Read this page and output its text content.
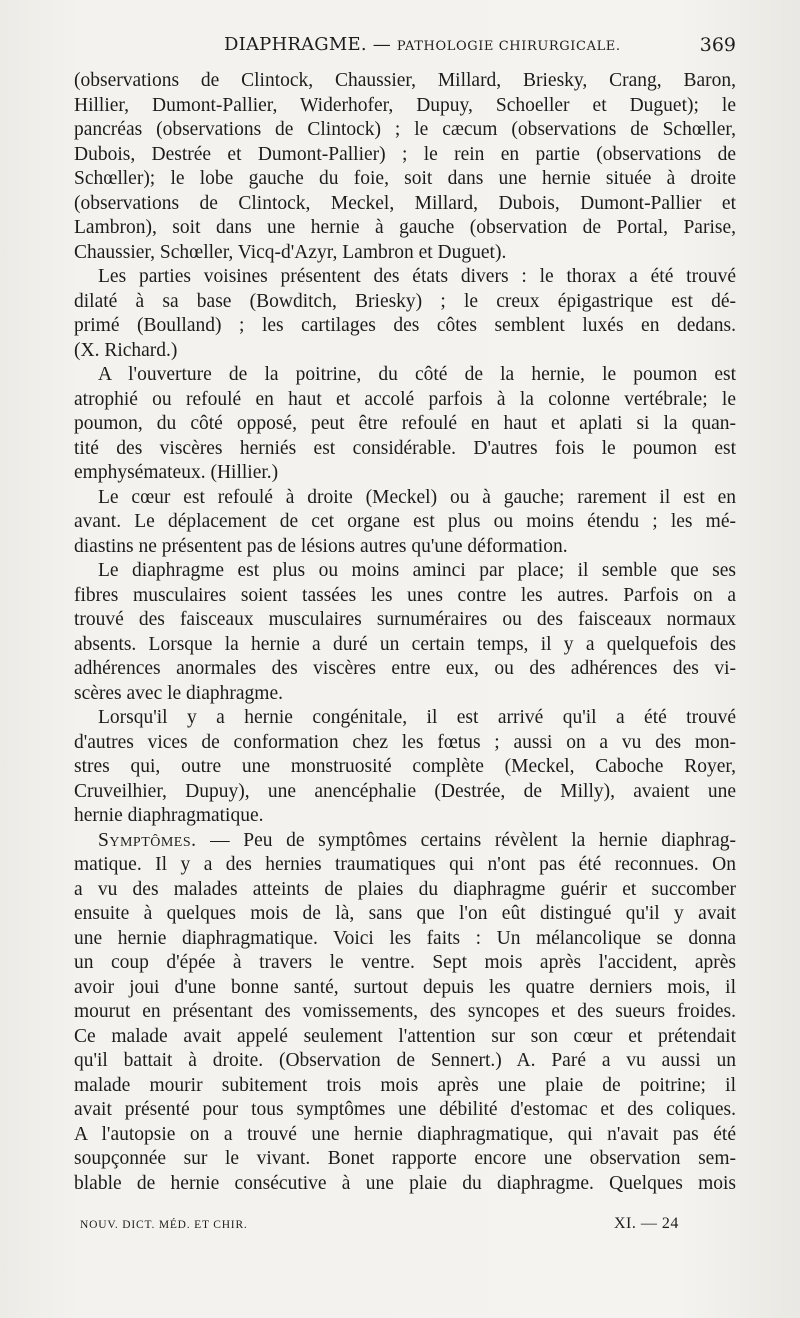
DIAPHRAGME. — PATHOLOGIE CHIRURGICALE.	369
(observations de Clintock, Chaussier, Millard, Briesky, Crang, Baron,
Hillier, Dumont-Pallier, Widerhofer, Dupuy, Schoeller et Duguet); le
pancréas (observations de Clintock) ; le cæcum (observations de Schœller,
Dubois, Destrée et Dumont-Pallier) ; le rein en partie (observations de
Schœller); le lobe gauche du foie, soit dans une hernie située à droite
(observations de Clintock, Meckel, Millard, Dubois, Dumont-Pallier et
Lambron), soit dans une hernie à gauche (observation de Portal, Parise,
Chaussier, Schœller, Vicq-d'Azyr, Lambron et Duguet).
Les parties voisines présentent des états divers : le thorax a été trouvé
dilaté à sa base (Bowditch, Briesky) ; le creux épigastrique est dé-
primé (Boulland) ; les cartilages des côtes semblent luxés en dedans.
(X. Richard.)
A l'ouverture de la poitrine, du côté de la hernie, le poumon est
atrophié ou refoulé en haut et accolé parfois à la colonne vertébrale; le
poumon, du côté opposé, peut être refoulé en haut et aplati si la quan-
tité des viscères herniés est considérable. D'autres fois le poumon est
emphysémateux. (Hillier.)
Le cœur est refoulé à droite (Meckel) ou à gauche; rarement il est en
avant. Le déplacement de cet organe est plus ou moins étendu ; les mé-
diastins ne présentent pas de lésions autres qu'une déformation.
Le diaphragme est plus ou moins aminci par place; il semble que ses
fibres musculaires soient tassées les unes contre les autres. Parfois on a
trouvé des faisceaux musculaires surnuméraires ou des faisceaux normaux
absents. Lorsque la hernie a duré un certain temps, il y a quelquefois des
adhérences anormales des viscères entre eux, ou des adhérences des vi-
scères avec le diaphragme.
Lorsqu'il y a hernie congénitale, il est arrivé qu'il a été trouvé
d'autres vices de conformation chez les fœtus ; aussi on a vu des mon-
stres qui, outre une monstruosité complète (Meckel, Caboche Royer,
Cruveilhier, Dupuy), une anencéphalie (Destrée, de Milly), avaient une
hernie diaphragmatique.
Symptômes. — Peu de symptômes certains révèlent la hernie diaphrag-
matique. Il y a des hernies traumatiques qui n'ont pas été reconnues. On
a vu des malades atteints de plaies du diaphragme guérir et succomber
ensuite à quelques mois de là, sans que l'on eût distingué qu'il y avait
une hernie diaphragmatique. Voici les faits : Un mélancolique se donna
un coup d'épée à travers le ventre. Sept mois après l'accident, après
avoir joui d'une bonne santé, surtout depuis les quatre derniers mois, il
mourut en présentant des vomissements, des syncopes et des sueurs froides.
Ce malade avait appelé seulement l'attention sur son cœur et prétendait
qu'il battait à droite. (Observation de Sennert.) A. Paré a vu aussi un
malade mourir subitement trois mois après une plaie de poitrine; il
avait présenté pour tous symptômes une débilité d'estomac et des coliques.
A l'autopsie on a trouvé une hernie diaphragmatique, qui n'avait pas été
soupçonnée sur le vivant. Bonet rapporte encore une observation sem-
blable de hernie consécutive à une plaie du diaphragme. Quelques mois
NOUV. DICT. MÉD. ET CHIR.	XI. — 24
